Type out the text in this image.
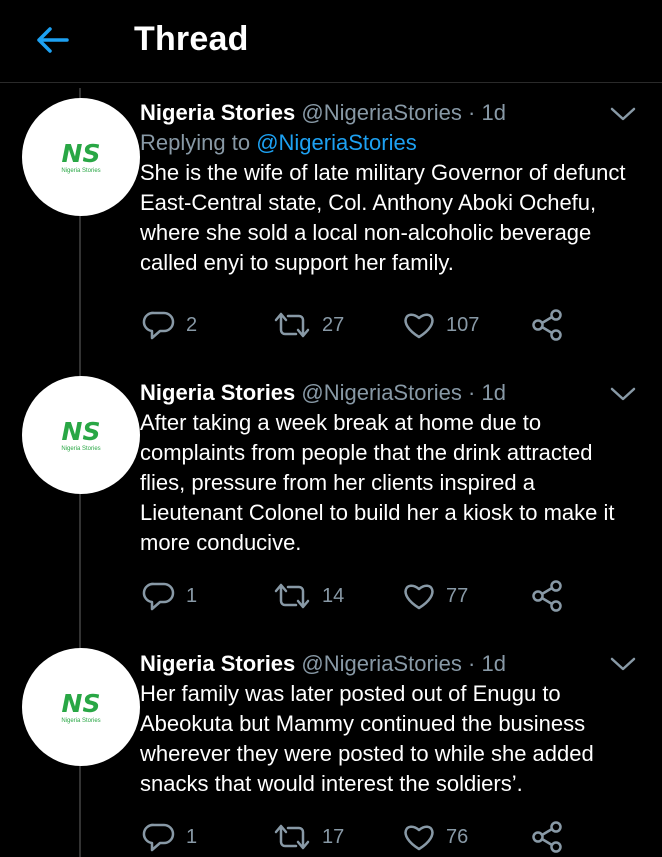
Thread
NS
Nigeria Stories
Nigeria Stories @NigeriaStories · 1d
Replying to @NigeriaStories
She is the wife of late military Governor of defunct East-Central state, Col. Anthony Aboki Ochefu, where she sold a local non-alcoholic beverage called enyi to support her family.
2	27	107
NS
Nigeria Stories
Nigeria Stories @NigeriaStories · 1d
After taking a week break at home due to complaints from people that the drink attracted flies, pressure from her clients inspired a Lieutenant Colonel to build her a kiosk to make it more conducive.
1	14	77
NS
Nigeria Stories
Nigeria Stories @NigeriaStories · 1d
Her family was later posted out of Enugu to Abeokuta but Mammy continued the business wherever they were posted to while she added snacks that would interest the soldiers’.
1	17	76
